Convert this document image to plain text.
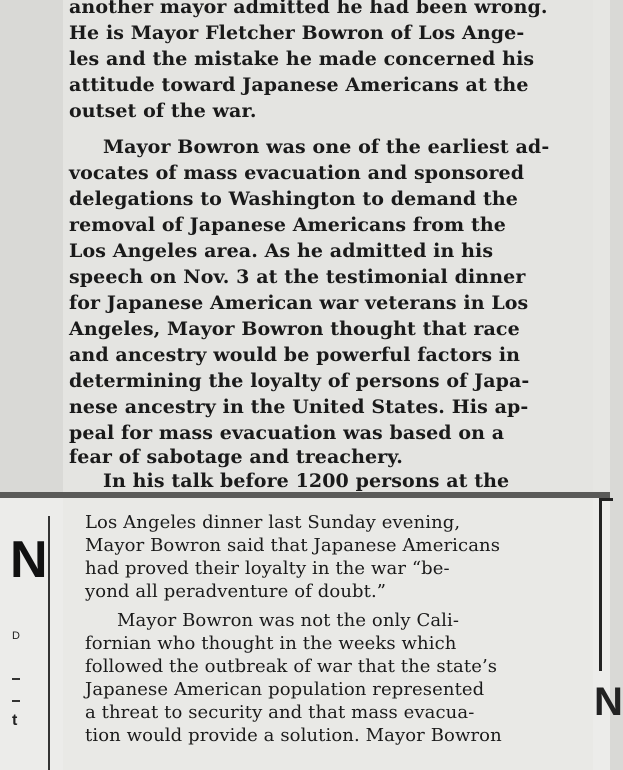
another mayor admitted he had been wrong.
He is Mayor Fletcher Bowron of Los Ange-
les and the mistake he made concerned his
attitude toward Japanese Americans at the
outset of the war.
Mayor Bowron was one of the earliest ad-
vocates of mass evacuation and sponsored
delegations to Washington to demand the
removal of Japanese Americans from the
Los Angeles area. As he admitted in his
speech on Nov. 3 at the testimonial dinner
for Japanese American war veterans in Los
Angeles, Mayor Bowron thought that race
and ancestry would be powerful factors in
determining the loyalty of persons of Japa-
nese ancestry in the United States. His ap-
peal for mass evacuation was based on a
fear of sabotage and treachery.
In his talk before 1200 persons at the
N
D
t
Los Angeles dinner last Sunday evening,
Mayor Bowron said that Japanese Americans
had proved their loyalty in the war “be-
yond all peradventure of doubt.”
Mayor Bowron was not the only Cali-
fornian who thought in the weeks which
followed the outbreak of war that the state’s
Japanese American population represented
a threat to security and that mass evacua-
tion would provide a solution. Mayor Bowron
N
